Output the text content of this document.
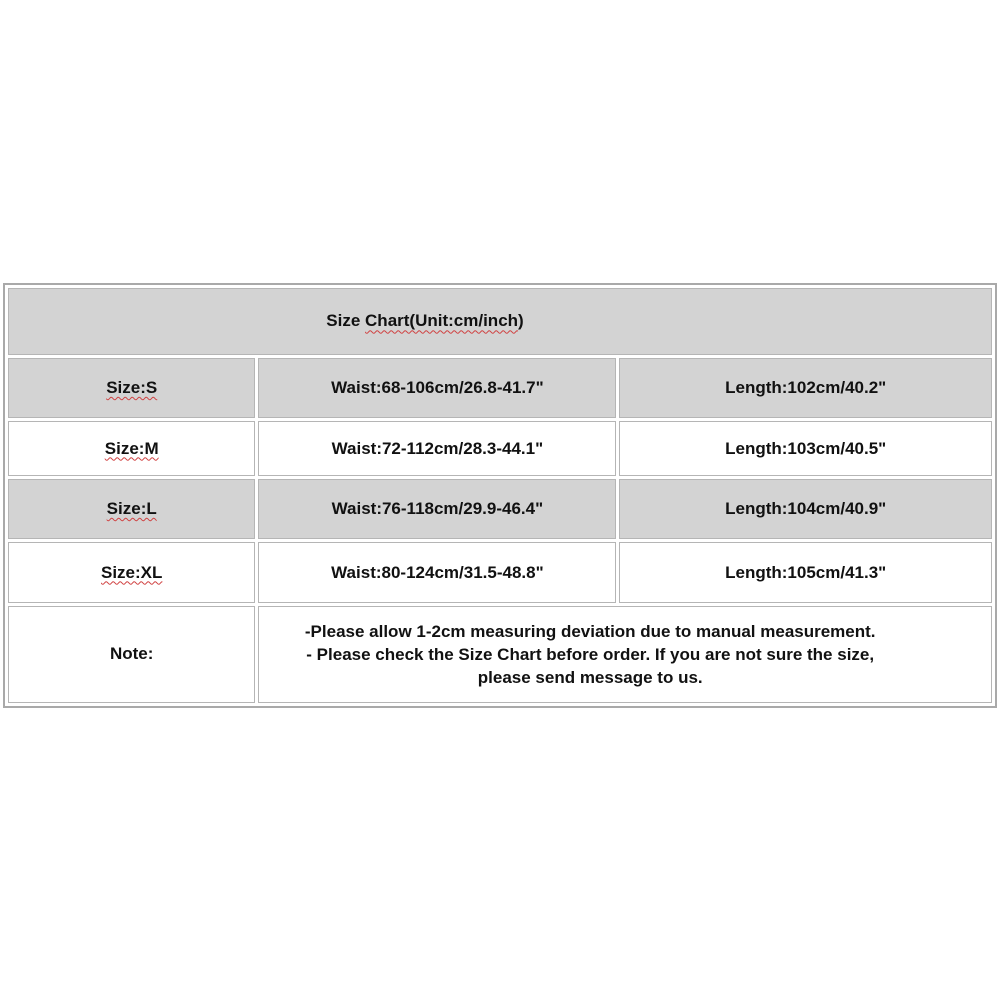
Size Chart(Unit:cm/inch)		
Size:S	Waist:68-106cm/26.8-41.7"	Length:102cm/40.2"
Size:M	Waist:72-112cm/28.3-44.1"	Length:103cm/40.5"
Size:L	Waist:76-118cm/29.9-46.4"	Length:104cm/40.9"
Size:XL	Waist:80-124cm/31.5-48.8"	Length:105cm/41.3"
Note:	-Please allow 1-2cm measuring deviation due to manual measurement.
- Please check the Size Chart before order. If you are not sure the size,
please send message to us.	
